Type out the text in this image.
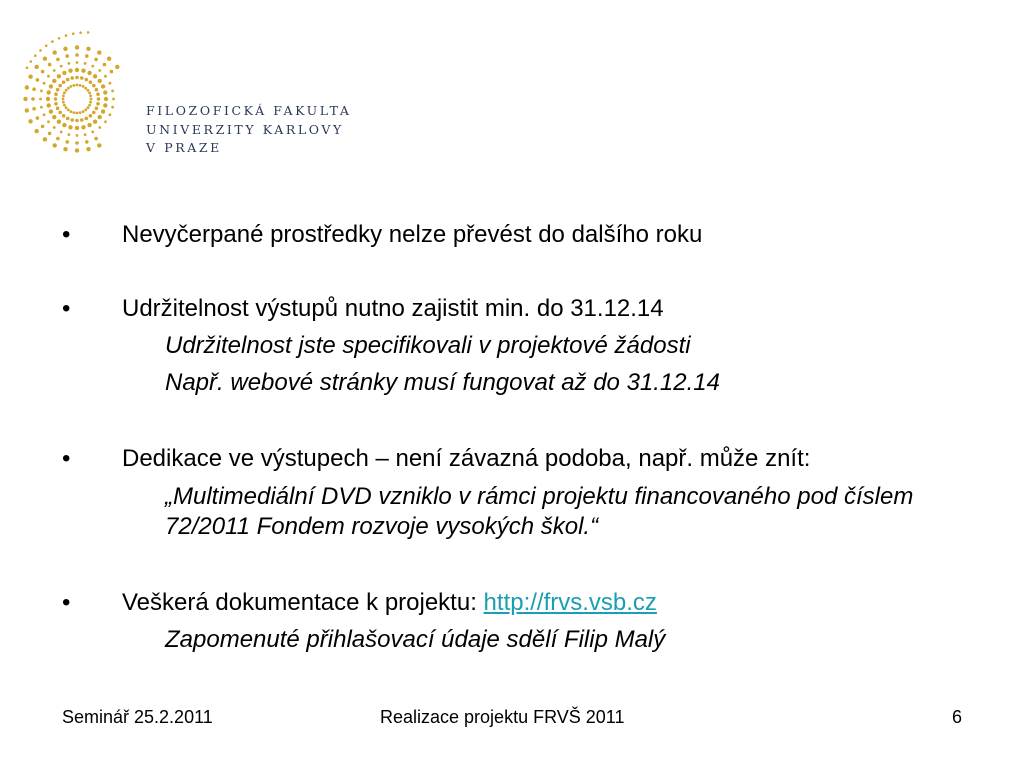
FILOZOFICKÁ FAKULTA
UNIVERZITY KARLOVY
V PRAZE
• Nevyčerpané prostředky nelze převést do dalšího roku
• Udržitelnost výstupů nutno zajistit min. do 31.12.14
Udržitelnost jste specifikovali v projektové žádosti
Např. webové stránky musí fungovat až do 31.12.14
• Dedikace ve výstupech – není závazná podoba, např. může znít:
„Multimediální DVD vzniklo v rámci projektu financovaného pod číslem 72/2011 Fondem rozvoje vysokých škol.“
• Veškerá dokumentace k projektu: http://frvs.vsb.cz
Zapomenuté přihlašovací údaje sdělí Filip Malý
Seminář 25.2.2011	Realizace projektu FRVŠ 2011	6
